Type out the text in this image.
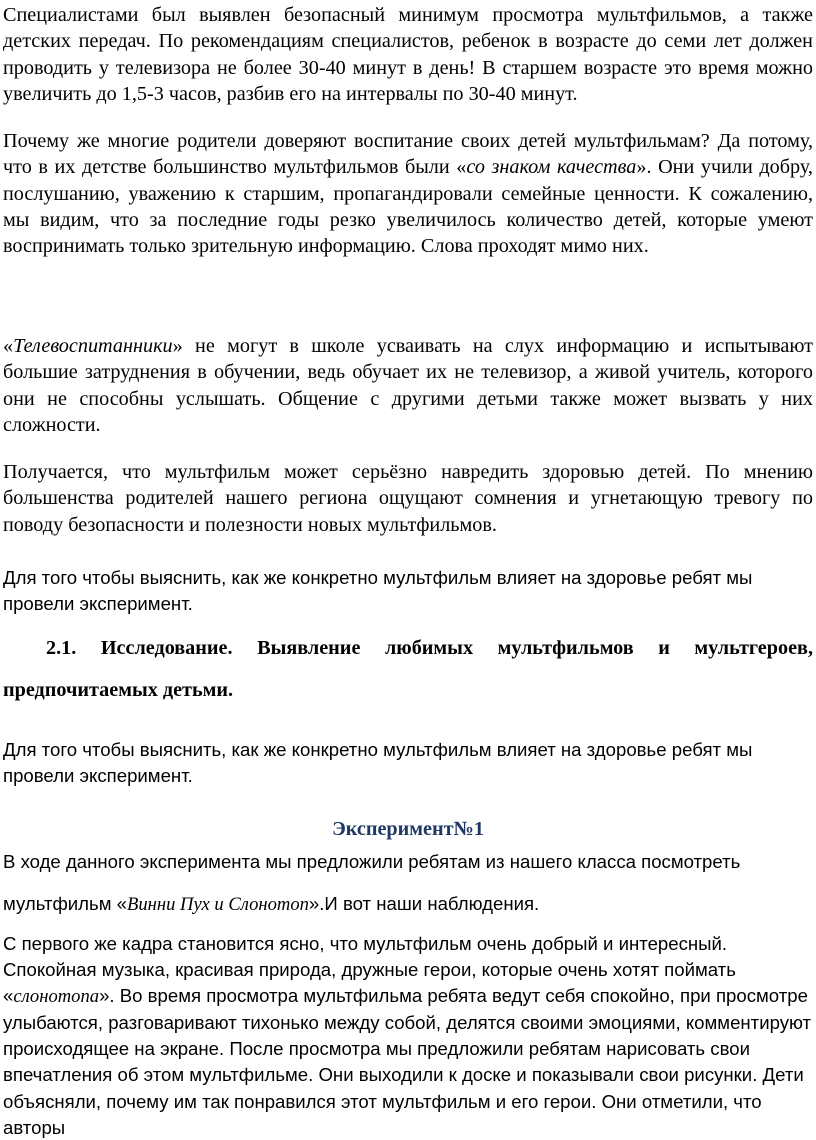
Специалистами был выявлен безопасный минимум просмотра мультфильмов, а также детских передач. По рекомендациям специалистов, ребенок в возрасте до семи лет должен проводить у телевизора не более 30-40 минут в день! В старшем возрасте это время можно увеличить до 1,5-3 часов, разбив его на интервалы по 30-40 минут.

Почему же многие родители доверяют воспитание своих детей мультфильмам? Да потому, что в их детстве большинство мультфильмов были «со знаком качества». Они учили добру, послушанию, уважению к старшим, пропагандировали семейные ценности. К сожалению, мы видим, что за последние годы резко увеличилось количество детей, которые умеют воспринимать только зрительную информацию. Слова проходят мимо них.

«Телевоспитанники» не могут в школе усваивать на слух информацию и испытывают большие затруднения в обучении, ведь обучает их не телевизор, а живой учитель, которого они не способны услышать. Общение с другими детьми также может вызвать у них сложности.

Получается, что мультфильм может серьёзно навредить здоровью детей. По мнению большенства родителей нашего региона ощущают сомнения и угнетающую тревогу по поводу безопасности и полезности новых мультфильмов.

Для того чтобы выяснить, как же конкретно мультфильм влияет на здоровье ребят мы провели эксперимент.

2.1. Исследование. Выявление любимых мультфильмов и мультгероев,

предпочитаемых детьми.

Для того чтобы выяснить, как же конкретно мультфильм влияет на здоровье ребят мы провели эксперимент.

Эксперимент№1

В ходе данного эксперимента мы предложили ребятам из нашего класса посмотреть

мультфильм «Винни Пух и Слонотоп».И вот наши наблюдения.

С первого же кадра становится ясно, что мультфильм очень добрый и интересный. Спокойная музыка, красивая природа, дружные герои, которые очень хотят поймать «слонотопа». Во время просмотра мультфильма ребята ведут себя спокойно, при просмотре улыбаются, разговаривают тихонько между собой, делятся своими эмоциями, комментируют происходящее на экране. После просмотра мы предложили ребятам нарисовать свои впечатления об этом мультфильме. Они выходили к доске и показывали свои рисунки. Дети объясняли, почему им так понравился этот мультфильм и его герои. Они отметили, что авторы
